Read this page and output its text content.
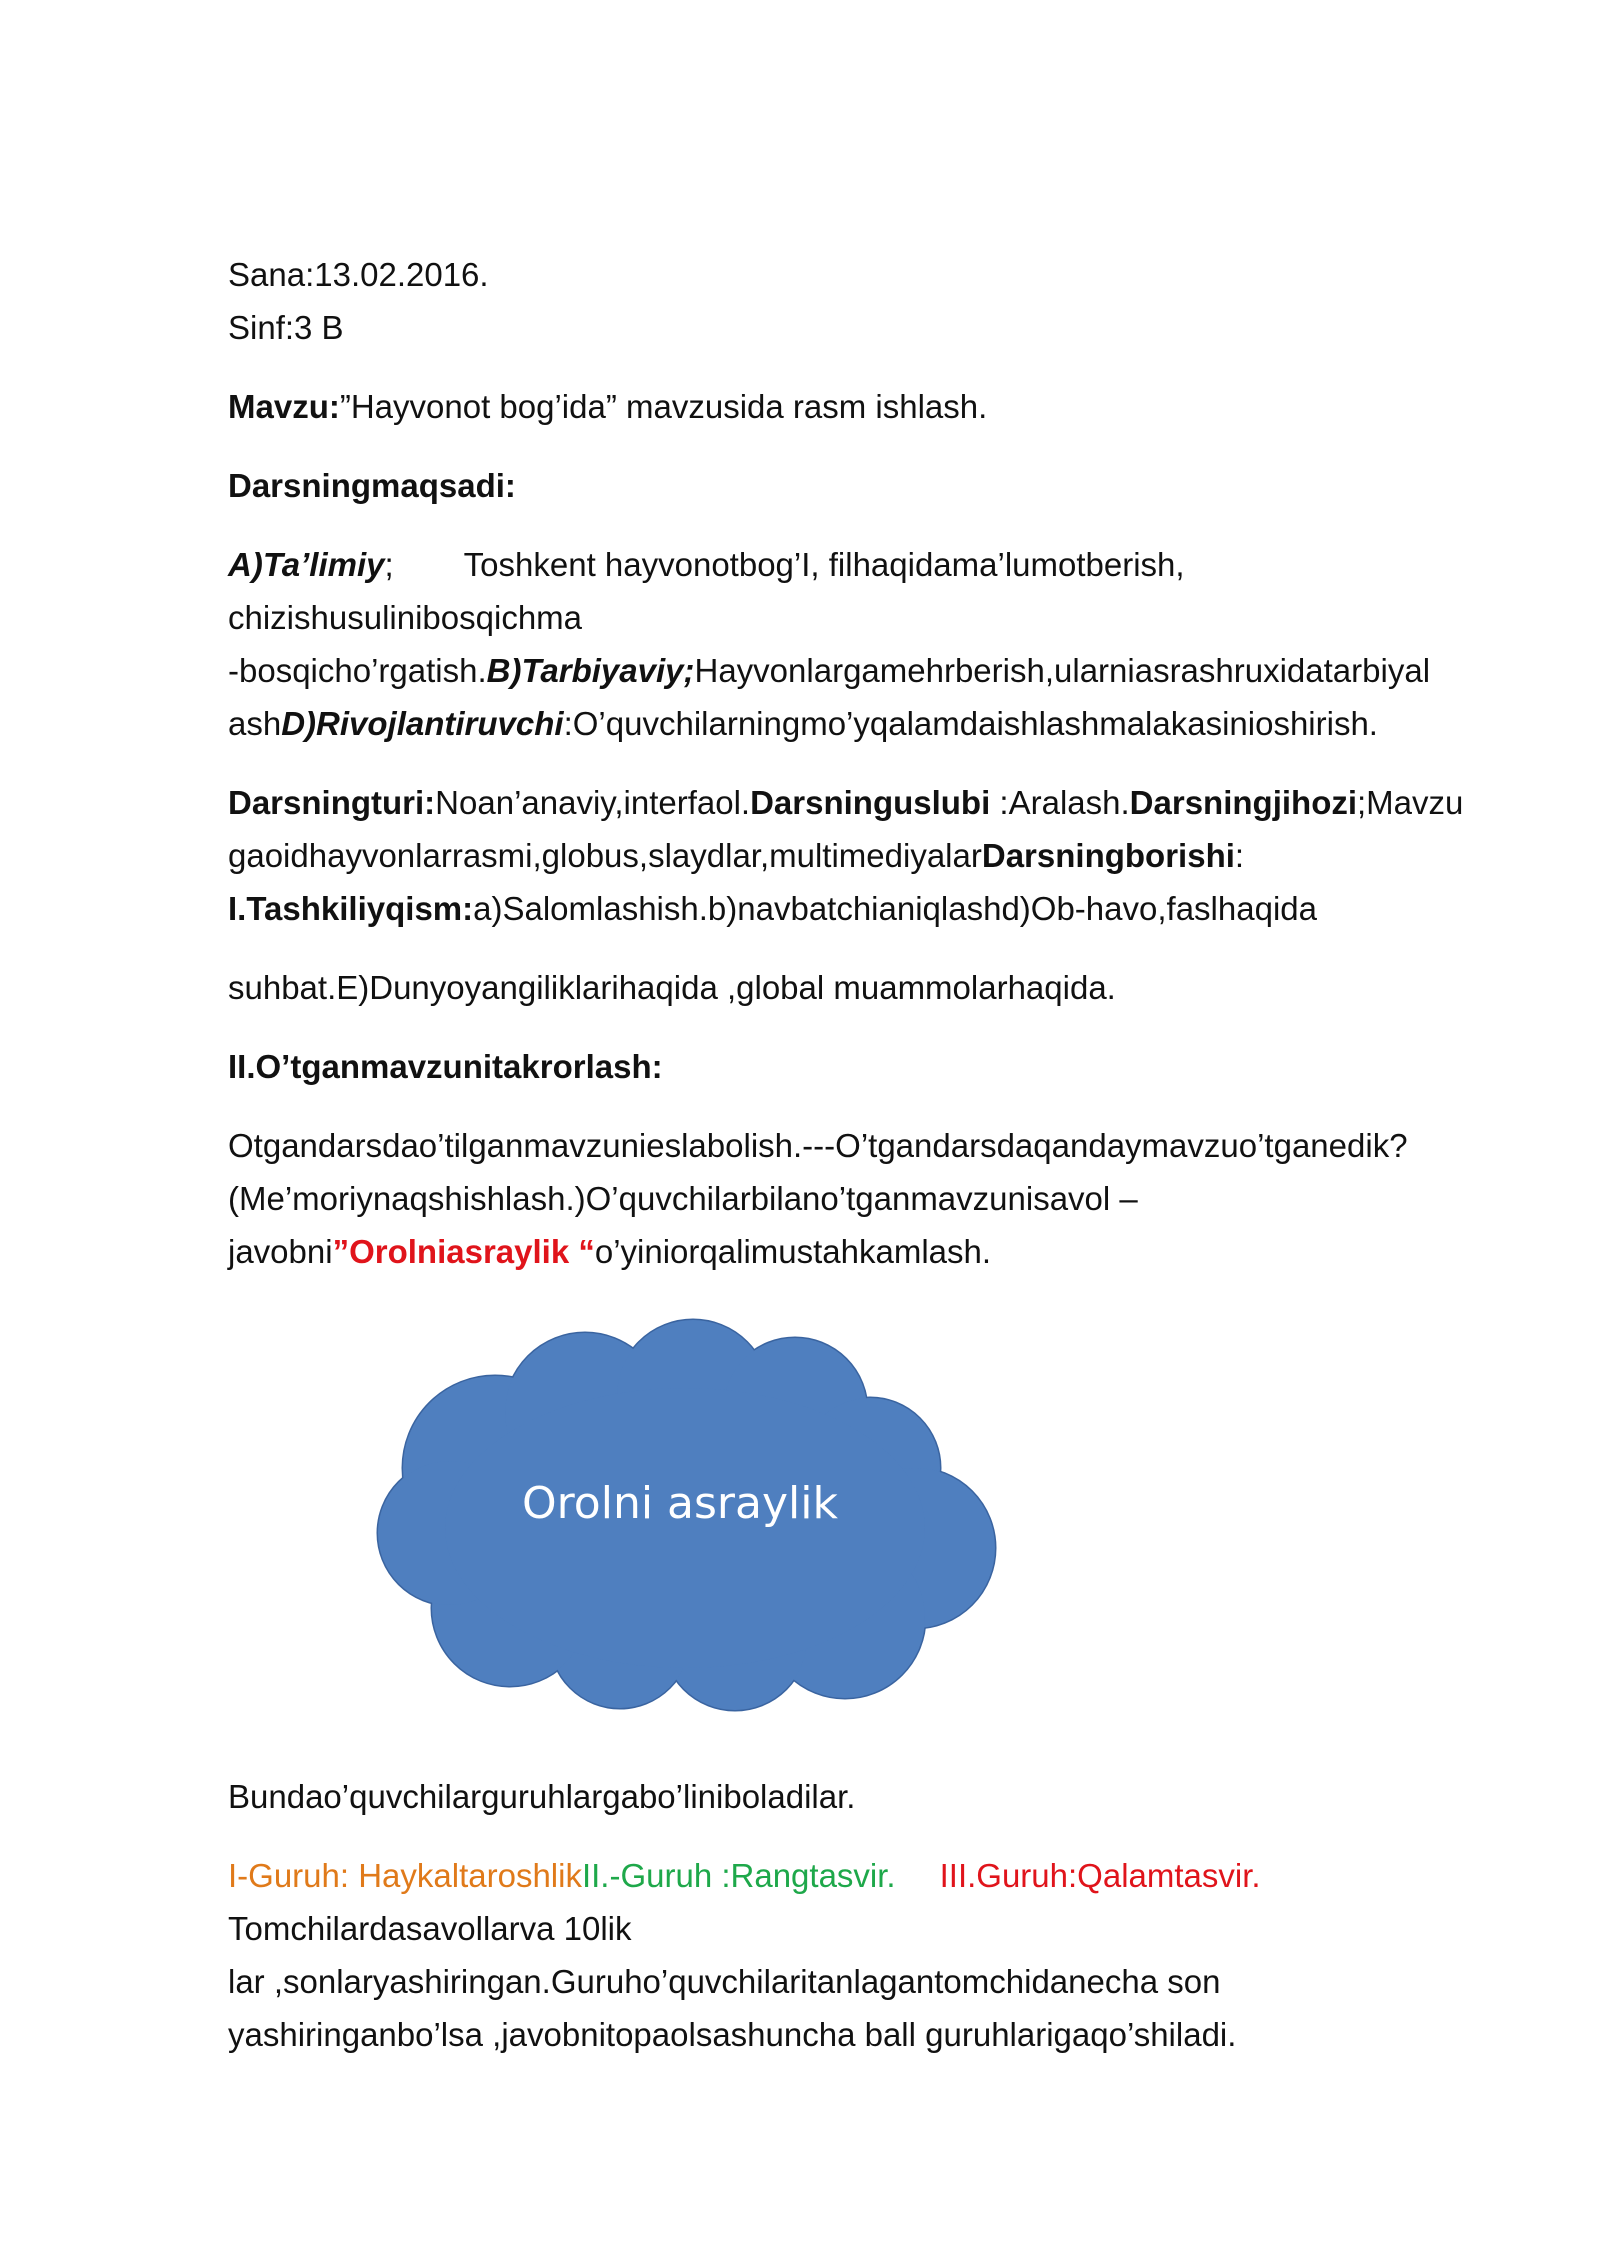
Sana:13.02.2016.

Sinf:3 B

Mavzu:”Hayvonot bog’ida” mavzusida rasm ishlash.

Darsningmaqsadi:

A)Ta’limiy; Toshkent hayvonotbog’I, filhaqidama’lumotberish,

chizishusulinibosqichma

-bosqicho’rgatish.B)Tarbiyaviy;Hayvonlargamehrberish,ularniasrashruxidatarbiyal

ashD)Rivojlantiruvchi:O’quvchilarningmo’yqalamdaishlashmalakasinioshirish.

Darsningturi:Noan’anaviy,interfaol.Darsninguslubi :Aralash.Darsningjihozi;Mavzu

gaoidhayvonlarrasmi,globus,slaydlar,multimediyalarDarsningborishi:

I.Tashkiliyqism:a)Salomlashish.b)navbatchianiqlashd)Ob-havo,faslhaqida

suhbat.E)Dunyoyangiliklarihaqida ,global muammolarhaqida.

II.O’tganmavzunitakrorlash:

Otgandarsdao’tilganmavzunieslabolish.---O’tgandarsdaqandaymavzuo’tganedik?

(Me’moriynaqshishlash.)O’quvchilarbilano’tganmavzunisavol –

javobni”Orolniasraylik “o’yiniorqalimustahkamlash.

Orolni asraylik

Bundao’quvchilarguruhlargabo’liniboladilar.

I-Guruh: HaykaltaroshlikII.-Guruh :Rangtasvir. III.Guruh:Qalamtasvir.

Tomchilardasavollarva 10lik

lar ,sonlaryashiringan.Guruho’quvchilaritanlagantomchidanecha son

yashiringanbo’lsa ,javobnitopaolsashuncha ball guruhlarigaqo’shiladi.
